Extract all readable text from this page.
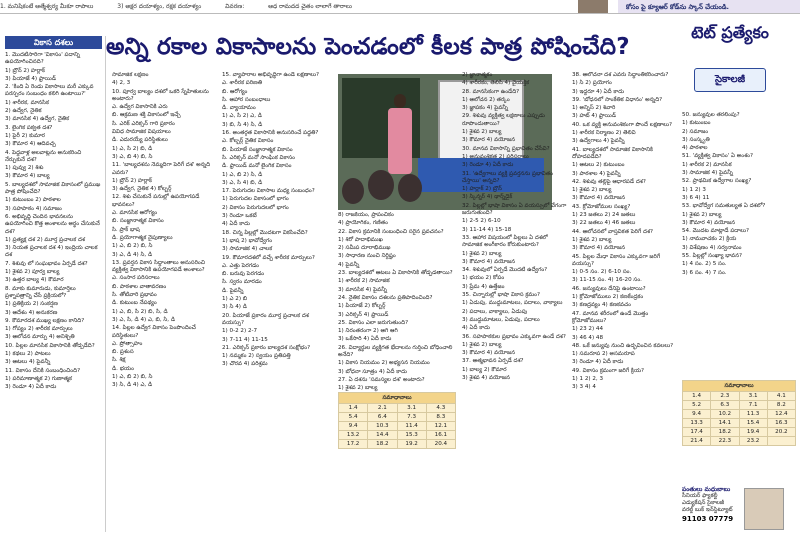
1. మనిషికంటే ఆత్మేశ్వర్య మీకూ రాపాలు	3) అక్షర దయాళ్యం, రక్షక దయాళ్యం	వివరణ:	ఆధ రామదద చైతం లాలాగే తారాలు	కోసం పై క్యూఆర్ కోడ్‌ను స్కాన్ చేయండి.
అన్ని రకాల వికాసాలను పెంచడంలో కీలక పాత్ర పోషించేది?
టెట్ ప్రత్యేకం
సైకాలజీ
వికాస దశలు

1. మొదటిసారిగా 'వికాసం' పదాన్ని ఉపయోగించినది?

1) బ్రౌన్ 2) హర్లాక్

3) పియాజే 4) ఫ్రాయిడ్

2. 'కింది ఏ రెండు వికాసాలు మరీ ఎక్కువ పరస్పరం సంబంధం కలిగి ఉంటాయి?'

1) శారీరక, మానసిక

2) ఉద్వేగ, నైతిక

3) మానసిక 4) ఉద్వేగ, నైతిక

3. లైంగిక పక్వత దశ?

1) పైరీ 2) కుమార

3) కౌమార 4) ఆదివచ్చ

4. పెద్దవాళ్ల అలవాట్లను అనుకరించి నేర్చుకునే దశ?

1) పువ్వు 2) శిశు

3) కౌమార 4) బాల్య

5. బాల్యదశలో సామాజిక వికాసంలో ప్రముఖ పాత్ర పోషించేది?

1) కుటుంబం 2) పాఠశాల

3) సహపాఠం 4) సమాజం

6. అభివృద్ధి చెందిన భావనలను ఉపయోగించి కొత్త అంశాలను అర్థం చేసుకునే దశ?

1) ప్రత్యక్ష దశ 2) మూర్త ప్రచాలక దశ

3) నియత ప్రచాలక దశ 4) ఇంద్రియ చాలక దశ

7. శిశువు లో సంఘభావం ఏర్పడే దశ?

1) శైశవ 2) పూర్వ బాల్య

3) ఉత్తర బాల్య 4) కౌమార

8. మాకు కుమారుడు, కుమార్తెలు ప్రశ్నాపత్రాన్ని చేసే ప్రక్రియలో?

1) ప్రతిక్రియ 2) సంకర్షణ

3) ఆదేశం 4) అనుకరణ

9. కౌమారదశ ముఖ్య లక్షణం కానిది?

1) గోప్యం 2) శారీరక మార్పులు

3) ఆలోచన మార్పు 4) అనిశ్చితి

10. పిల్లల మానసిక వికాసానికి తోడ్పడేది?

1) కథలు 2) పాటలు

3) ఆటలు 4) పైవన్నీ

11. వికాసం దేనికి సంబంధించింది?

1) పరిమాణాత్మక 2) గుణాత్మక

3) రెండూ 4) ఏదీ కాదు

సామాజిక లక్షణం

4) 2, 3

10. పూర్వ బాల్యం దశలో ఒకరి స్నేహితులను అంటారు?

ఎ. ఉద్వేగ వికాసానికి ఎరు

బి. ఆక్రమణ శక్తి వికాసంలో ఇచ్చే

సి. ఎరిక్ ఎరిక్సన్ గారి ప్రకారం

వివిధ సామాజిక విషయాలు

డి. ఎదురయ్యే పరిస్థితులు

1) ఎ, సి 2) బి, డి

3) ఎ, బి 4) బి, సి

11. 'బాల్యదశను నెమ్మదిగా పెరిగే దశ' అన్నది ఎవరు?

1) బ్రౌన్ 2) హర్లాక్

3) ఉద్వేగ, నైతిక 4) కోల్బర్గ్

12. శిశు చేసుకునే పనుల్లో ఉపయోగపడే భావనలు?

ఎ. మానసిక ఆరోగ్యం

బి. సంజ్ఞానాత్మక వికాసం

సి. ప్రాక్ భాష

డి. ప్రయోగాత్మక నైపుణ్యాలు

1) ఎ, బి 2) బి, సి

3) ఎ, డి 4) సి, డి

13. ప్రవర్తన వికాస సిద్ధాంతాలు అనుసరించి వ్యక్తిత్వ వికాసానికి ఉపయోగపడే అంశాలు?

ఎ. సంసార పరిసరాలు

బి. పాఠశాల వాతావరణం

సి. తోటివారి ప్రభావం

డి. కుటుంబ నేపథ్యం

1) ఎ, బి, సి 2) బి, సి, డి

3) ఎ, సి, డి 4) ఎ, బి, సి, డి

14. పిల్లల ఉద్వేగ వికాసం పెంపొందించే పరిస్థితులు?

ఎ. ప్రోత్సాహం

బి. ప్రశంస

సి. శిక్ష

డి. భయం

1) ఎ, బి 2) బి, సి

3) సి, డి 4) ఎ, డి

15. వ్యాపారాల అభివృద్ధిగా ఉండే లక్షణాలు?

ఎ. శారీరక పరిణతి

బి. ఆరోగ్యం

సి. ఆహార సంబంధాలు

డి. వ్యాయామం

1) ఎ, సి 2) ఎ, డి

3) బి, సి 4) సి, డి

16. అంతర్గత వికాసానికి అనుసరించే పద్ధతి?

ఎ. కోల్బర్గ్ నైతిక వికాసం

బి. పియాజే సంజ్ఞానాత్మక వికాసం

సి. ఎరిక్సన్ మనో సాంఘిక వికాసం

డి. ఫ్రాయిడ్ మనో లైంగిక వికాసం

1) ఎ, బి 2) సి, డి

3) ఎ, సి 4) బి, డి

17. పెరుగుదల వికాసాల మధ్య సంబంధం?

1) పెరుగుదల వికాసంలో భాగం

2) వికాసం పెరుగుదలలో భాగం

3) రెండూ ఒకటే

4) ఏదీ కాదు

18. చిన్న పిల్లల్లో మొదటగా వికసించేది?

1) భాష 2) భావోద్వేగం

3) సామాజిక 4) చాలక

19. కౌమారదశలో వచ్చే శారీరక మార్పులు?

ఎ. ఎత్తు పెరగడం

బి. బరువు పెరగడం

సి. స్వరం మారడం

డి. పైవన్నీ

1) ఎ 2) బి

3) సి 4) డి

20. పియాజే ప్రకారం మూర్త ప్రచాలక దశ వయస్సు?

1) 0-2 2) 2-7

3) 7-11 4) 11-15

21. ఎరిక్సన్ ప్రకారం బాల్యదశ సంక్షోభం?

1) నమ్మకం 2) స్వయం ప్రతిపత్తి

3) చొరవ 4) పరిశ్రమ

8) రాజకీయం, ప్రాపంచికం

4) ప్రాయోగికం, గణితం

22. వికాస క్రమానికి సంబంధించి సరైన ప్రవచనం?

1) శిరో పాదాభిముఖ

2) సమీప దూరాభిముఖ

3) సాధారణ నుంచి నిర్దిష్టం

4) పైవన్నీ

23. బాల్యదశలో ఆటలు ఏ వికాసానికి తోడ్పడతాయి?

1) శారీరక 2) సామాజిక

3) మానసిక 4) పైవన్నీ

24. నైతిక వికాసం దశలను ప్రతిపాదించింది?

1) పియాజే 2) కోల్బర్గ్

3) ఎరిక్సన్ 4) ఫ్రాయిడ్

25. వికాసం ఎలా జరుగుతుంది?

1) నిరంతరంగా 2) ఆగి ఆగి

3) ఒకేసారి 4) ఏదీ కాదు

26. విద్యార్థుల వ్యక్తిగత భేదాలను గుర్తించి బోధించాలి అనేది?

1) వికాస నియమం 2) అభ్యసన నియమం

3) బోధనా సూత్రం 4) ఏదీ కాదు

27. ఏ దశను 'సమస్యల దశ' అంటారు?

1) శైశవ 2) బాల్య

2) జ్ఞానాత్మకం

4) శారీరకం, తెలిసి 4) వైయక్తిక

28. మానసికంగా ఉండేది?

1) ఆలోచన 2) తర్కం

3) జ్ఞాపకం 4) పైవన్నీ

29. శిశువు వ్యక్తిత్వ లక్షణాలు ఎప్పుడు రూపొందుతాయి?

1) శైశవ 2) బాల్య

3) కౌమార 4) వయోజన

30. మానవ వికాసాన్ని ప్రభావితం చేసేవి?

1) అనువంశికత 2) పరిసరాలు

3) రెండూ 4) ఏదీ కాదు

31. 'ఉద్వేగాలు వ్యక్తి ప్రవర్తనను ప్రభావితం చేస్తాయి' అన్నది?

1) హర్లాక్ 2) బ్రౌన్

3) స్కిన్నర్ 4) థార్న్‌డైక్

32. పిల్లల్లో భాషా వికాసం ఏ వయస్సులో వేగంగా జరుగుతుంది?

1) 2-5 2) 6-10

3) 11-14 4) 15-18

33. ఆహార విషయంలో పిల్లలు ఏ దశలో సామాజిక అంగీకారం కోరుకుంటారు?

1) శైశవ 2) బాల్య

3) కౌమార 4) వయోజన

34. శిశువులో ఏర్పడే మొదటి ఉద్వేగం?

1) భయం 2) కోపం

3) ప్రేమ 4) ఉత్తేజం

35. చిన్నారుల్లో భాషా వికాస క్రమం?

1) ఏడుపు, ముద్దుమాటలు, పదాలు, వాక్యాలు

2) పదాలు, వాక్యాలు, ఏడుపు

3) ముద్దుమాటలు, ఏడుపు, పదాలు

4) ఏదీ కాదు

36. సహపాఠకుల ప్రభావం ఎక్కువగా ఉండే దశ?

1) శైశవ 2) బాల్య

3) కౌమార 4) వయోజన

37. ఆత్మభావన ఏర్పడే దశ?

1) బాల్య 2) కౌమార

3) శైశవ 4) వయోజన

38. ఆలోచనా దశ ఎవరు సిద్ధాంతీకరించారు?

1) సి 2) ప్రయోగం

3) ఇద్దరూ 4) ఏదీ కాదు

39. 'బోధనలో సాంకేతిక విధానం' అన్నది?

1) అన్నిస్ 2) శివారి

3) హట్ 4) ఫ్రాయిడ్

40. ఒక వ్యక్తి అనువంశికంగా పొందే లక్షణాలు?

1) శారీరక నిర్మాణం 2) తెలివి

3) ఉద్వేగాలు 4) పైవన్నీ

41. బాల్యదశలో సామాజిక వికాసానికి దోహదపడేది?

1) ఆటలు 2) కుటుంబం

3) పాఠశాల 4) పైవన్నీ

42. శిశువు తల్లిపై ఆధారపడే దశ?

1) శైశవ 2) బాల్య

3) కౌమార 4) వయోజన

43. క్రోమోజోముల సంఖ్య?

1) 23 జతలు 2) 24 జతలు

3) 22 జతలు 4) 46 జతలు

44. ఆలోచనలో వాస్తవికత పెరిగే దశ?

1) శైశవ 2) బాల్య

3) కౌమార 4) వయోజన

45. పిల్లల మేధా వికాసం ఎక్కువగా జరిగే వయస్సు?

1) 0-5 సం. 2) 6-10 సం.

3) 11-15 సం. 4) 16-20 సం.

46. జన్యువులు దేనిపై ఉంటాయి?

1) క్రోమోజోములు 2) కణకేంద్రకం

3) కణద్రవ్యం 4) కణకవచం

47. మానవ శరీరంలో ఉండే మొత్తం క్రోమోజోములు?

1) 23 2) 44

3) 46 4) 48

48. ఒకే జన్యువు నుంచి ఉద్భవించిన కవలలు?

1) సమరూప 2) అసమరూప

3) రెండూ 4) ఏదీ కాదు

49. వికాసం క్రమంగా జరిగే క్రియ?

1) 1 2) 2, 3

3) 3 4) 4

50. జన్యువుల తరలింపు?

1) కుటుంబం

2) సమాజం

3) సంస్కృతి

4) పాఠశాల

51. 'వ్యక్తిత్వ వికాసం' ఏ అంశం?

1) శారీరక 2) మానసిక

3) సామాజిక 4) పైవన్నీ

52. ప్రాథమిక ఉద్వేగాల సంఖ్య?

1) 1 2) 3

3) 6 4) 11

53. భావోద్వేగ సమతుల్యత ఏ దశలో?

1) శైశవ 2) బాల్య

3) కౌమార 4) వయోజన

54. మొదట మాట్లాడే పదాలు?

1) నామవాచకం 2) క్రియ

3) విశేషణం 4) సర్వనామం

55. పిల్లల్లో సంఖ్యా భావన?

1) 4 సం. 2) 5 సం.

3) 6 సం. 4) 7 సం.

సమాధానాలు			
1.4	2.1	3.1	4.3
5.4	6.4	7.3	8.3
9.4	10.3	11.4	12.1
13.2	14.4	15.3	16.1
17.2	18.2	19.2	20.4
సమాధానాలు			
1.4	2.3	3.1	4.1
5.2	6.3	7.1	8.2
9.4	10.2	11.3	12.4
13.3	14.1	15.4	16.3
17.4	18.2	19.4	20.2
21.4	22.3	23.2	
పంతులు మధుబాబు
సీనియర్ ఫ్యాకల్టీ
ఎడ్యుకేషన్ సైకాలజీ
వరల్డ్ బుక్ ఇన్‌స్టిట్యూట్
91103 07779
